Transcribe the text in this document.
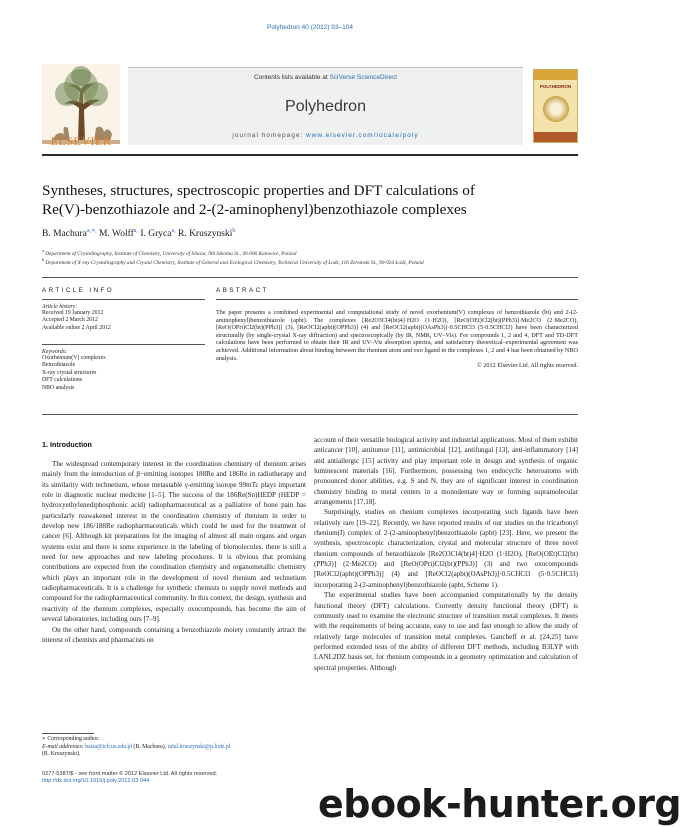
Polyhedron 40 (2012) 93–104
ELSEVIER
Contents lists available at SciVerse ScienceDirect
Polyhedron
journal homepage: www.elsevier.com/locate/poly
POLYHEDRON
Syntheses, structures, spectroscopic properties and DFT calculations of
Re(V)-benzothiazole and 2-(2-aminophenyl)benzothiazole complexes
B. Machura$^{a,∗,}$ M. Wolff$^{a,}$ I. Gryca$^{a,}$ R. Kruszynski$^b$
$^a$ Department of Crystallography, Institute of Chemistry, University of Silesia, 9th Szkolna St., 40-006 Katowice, Poland
$^b$ Department of X-ray Crystallography and Crystal Chemistry, Institute of General and Ecological Chemistry, Technical University of Lodz, 116 Zeromski St., 90-924 Łódź, Poland
ARTICLE INFO
Article history:
Received 19 January 2012
Accepted 2 March 2012
Available online 2 April 2012
Keywords:
Oxorhenium(V) complexes
Benzothiazole
X-ray crystal structures
DFT calculations
NBO analysis
ABSTRACT
The paper presents a combined experimental and computational study of novel oxorhenium(V) complexes of benzothiazole (bt) and 2-(2-aminophenyl)benzothiazole (apbt). The complexes [Re2O3Cl4(bt)4]·H2O (1·H2O), [ReO(OEt)Cl2(bt)(PPh3)]·Me2CO (2·Me2CO), [ReO(OPri)Cl2(bt)(PPh3)] (3), [ReOCl2(apbt)(OPPh3)] (4) and [ReOCl2(apbt)(OAsPh3)]·0.5CHCl3 (5·0.5CHCl3) have been characterized structurally (by single-crystal X-ray diffraction) and spectroscopically (by IR, NMR, UV–Vis). For compounds 1, 2 and 4, DFT and TD-DFT calculations have been performed to obtain their IR and UV–Vis absorption spectra, and satisfactory theoretical–experimental agreement was achieved. Additional information about binding between the rhenium atom and oxo ligand in the complexes 1, 2 and 4 has been obtained by NBO analysis.
© 2012 Elsevier Ltd. All rights reserved.
1. Introduction

The widespread contemporary interest in the coordination chemistry of rhenium arises mainly from the introduction of β−emitting isotopes 188Re and 186Re in radiotherapy and its similarity with technetium, whose metastable γ-emitting isotope 99mTc plays important role in diagnostic nuclear medicine [1–5]. The success of the 186Re(Sn)HEDP (HEDP = hydroxyethylenediphosphonic acid) radiopharmaceutical as a palliative of bone pain has particularly reawakened interest in the coordination chemistry of rhenium in order to develop new 186/188Re radiopharmaceuticals which could be used for the treatment of cancer [6]. Although kit preparations for the imaging of almost all main organs and organ systems exist and there is some experience in the labeling of biomolecules, there is still a need for new approaches and new labeling procedures. It is obvious that promising contributions are expected from the coordination chemistry and organometallic chemistry which plays an important role in the development of novel rhenium and technetium radiopharmaceuticals. It is a challenge for synthetic chemists to supply novel methods and compound for the radiopharmaceutical community. In this context, the design, synthesis and reactivity of the rhenium complexes, especially oxocompounds, has become the aim of several laboratories, including ours [7–9].

On the other hand, compounds containing a benzothiazole moiety constantly attract the interest of chemists and pharmacists on

account of their versatile biological activity and industrial applications. Most of them exhibit anticancer [10], antitumor [11], antimicrobial [12], antifungal [13], anti-inflammatory [14] and antiallergic [15] activity and play important role in design and synthesis of organic luminescent materials [16]. Furthermore, possessing two endocyclic heteroatoms with pronounced donor abilities, e.g. S and N, they are of significant interest in coordination chemistry binding to metal centers in a monodentate way or forming supramolecular arrangements [17,18].

Surprisingly, studies on rhenium complexes incorporating such ligands have been relatively rare [19–22]. Recently, we have reported results of our studies on the tricarbonyl rhenium(I) complex of 2-(2-aminophenyl)benzothiazole (apbt) [23]. Here, we present the synthesis, spectroscopic characterization, crystal and molecular structure of three novel rhenium compounds of benzothiazole [Re2O3Cl4(bt)4]·H2O (1·H2O), [ReO(OEt)Cl2(bt)(PPh3)] (2·Me2CO) and [ReO(OPri)Cl2(bt)(PPh3)] (3) and two oxocompounds [ReOCl2(apbt)(OPPh3)] (4) and [ReOCl2(apbt)(OAsPh3)]·0.5CHCl3 (5·0.5CHCl3) incorporating 2-(2-aminophenyl)benzothiazole (apbt, Scheme 1).

The experimental studies have been accompanied computationally by the density functional theory (DFT) calculations. Currently density functional theory (DFT) is commonly used to examine the electronic structure of transition metal complexes. It meets with the requirements of being accurate, easy to use and fast enough to allow the study of relatively large molecules of transition metal complexes. Gancheff et al. [24,25] have performed extended tests of the ability of different DFT methods, including B3LYP with LANL2DZ basis set, for rhenium compounds in a geometry optimization and calculation of spectral properties. Although

∗ Corresponding author.
E-mail addresses: basia@ich.us.edu.pl (B. Machura), rafal.kruszynski@p.lodz.pl
(R. Kruszynski).
0277-5387/$ - see front matter © 2012 Elsevier Ltd. All rights reserved.
http://dx.doi.org/10.1016/j.poly.2012.03.044
ebook-hunter.org
